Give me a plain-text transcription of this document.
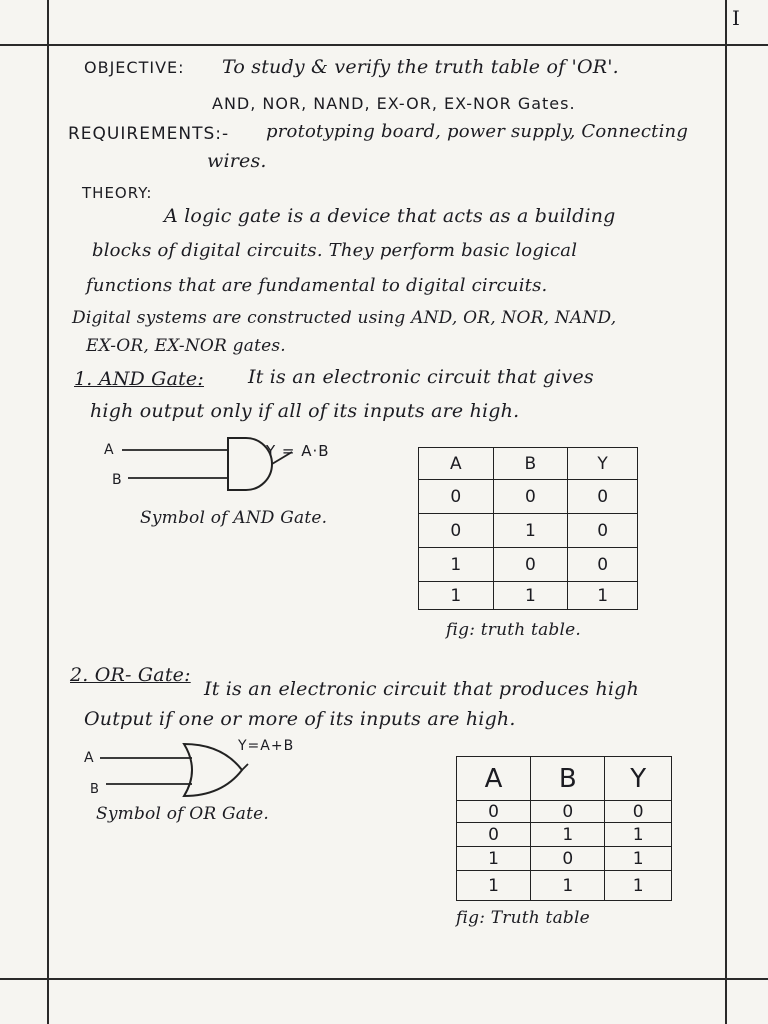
I
OBJECTIVE: To study & verify the truth table of 'OR'.
AND, NOR, NAND, EX-OR, EX-NOR Gates.
REQUIREMENTS:- prototyping board, power supply, Connecting
wires.
THEORY:
A logic gate is a device that acts as a building
blocks of digital circuits. They perform basic logical
functions that are fundamental to digital circuits.
Digital systems are constructed using AND, OR, NOR, NAND,
EX-OR, EX-NOR gates.
1. AND Gate: It is an electronic circuit that gives
high output only if all of its inputs are high.
A
B
Y = A·B
Symbol of AND Gate.
A	B	Y
0	0	0
0	1	0
1	0	0
1	1	1
fig: truth table.
2. OR- Gate:
It is an electronic circuit that produces high
Output if one or more of its inputs are high.
A
B
Y=A+B
Symbol of OR Gate.
A	B	Y
0	0	0
0	1	1
1	0	1
1	1	1
fig: Truth table
